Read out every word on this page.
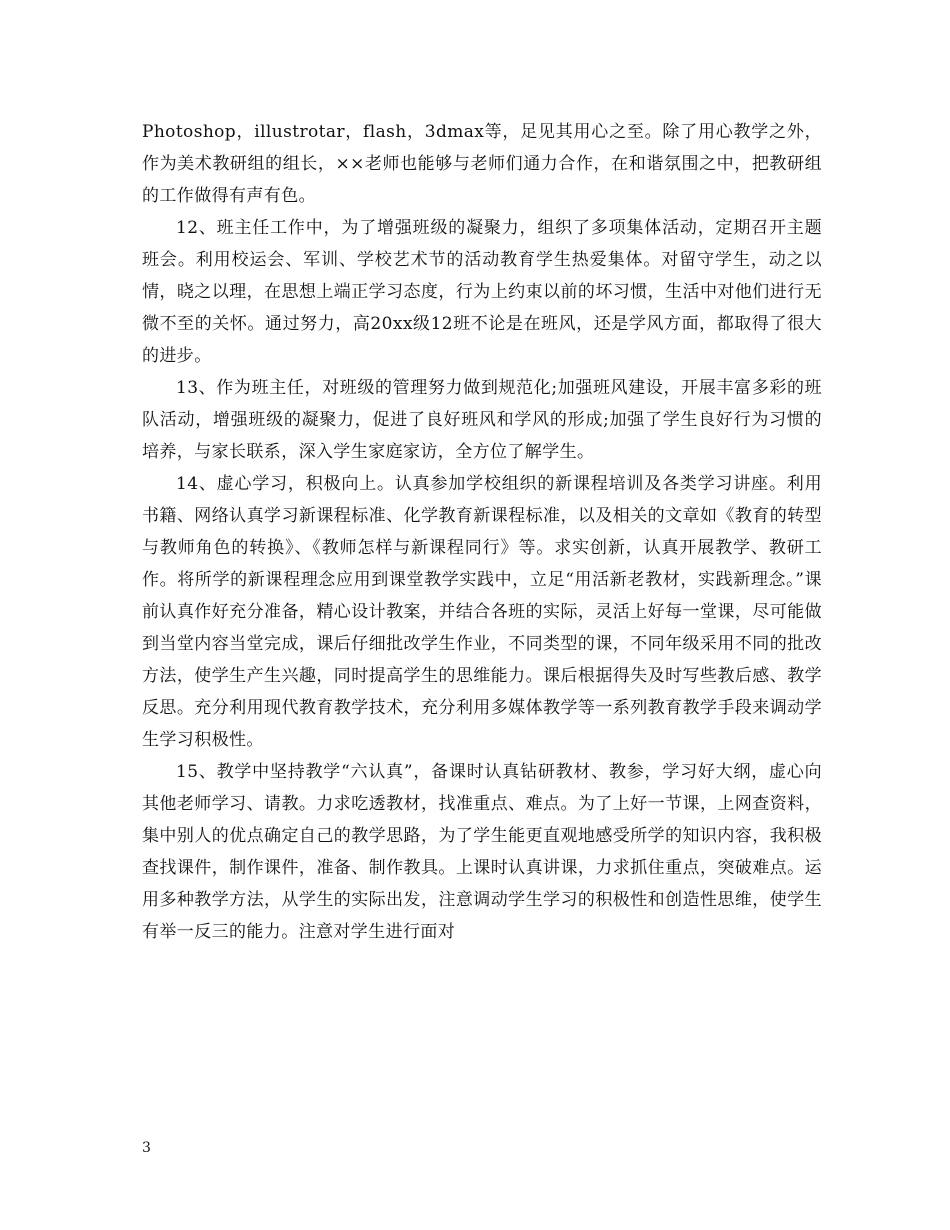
Photoshop，illustrotar，flash，3dmax等，足见其用心之至。除了用心教学之外，作为美术教研组的组长，××老师也能够与老师们通力合作，在和谐氛围之中，把教研组的工作做得有声有色。

12、班主任工作中，为了增强班级的凝聚力，组织了多项集体活动，定期召开主题班会。利用校运会、军训、学校艺术节的活动教育学生热爱集体。对留守学生，动之以情，晓之以理，在思想上端正学习态度，行为上约束以前的坏习惯，生活中对他们进行无微不至的关怀。通过努力，高20xx级12班不论是在班风，还是学风方面，都取得了很大的进步。

13、作为班主任，对班级的管理努力做到规范化;加强班风建设，开展丰富多彩的班队活动，增强班级的凝聚力，促进了良好班风和学风的形成;加强了学生良好行为习惯的培养，与家长联系，深入学生家庭家访，全方位了解学生。

14、虚心学习，积极向上。认真参加学校组织的新课程培训及各类学习讲座。利用书籍、网络认真学习新课程标准、化学教育新课程标准，以及相关的文章如《教育的转型与教师角色的转换》、《教师怎样与新课程同行》等。求实创新，认真开展教学、教研工作。将所学的新课程理念应用到课堂教学实践中，立足“用活新老教材，实践新理念。”课前认真作好充分准备，精心设计教案，并结合各班的实际，灵活上好每一堂课，尽可能做到当堂内容当堂完成，课后仔细批改学生作业，不同类型的课，不同年级采用不同的批改方法，使学生产生兴趣，同时提高学生的思维能力。课后根据得失及时写些教后感、教学反思。充分利用现代教育教学技术，充分利用多媒体教学等一系列教育教学手段来调动学生学习积极性。

15、教学中坚持教学“六认真”，备课时认真钻研教材、教参，学习好大纲，虚心向其他老师学习、请教。力求吃透教材，找准重点、难点。为了上好一节课，上网查资料，集中别人的优点确定自己的教学思路，为了学生能更直观地感受所学的知识内容，我积极查找课件，制作课件，准备、制作教具。上课时认真讲课，力求抓住重点，突破难点。运用多种教学方法，从学生的实际出发，注意调动学生学习的积极性和创造性思维，使学生有举一反三的能力。注意对学生进行面对

3
